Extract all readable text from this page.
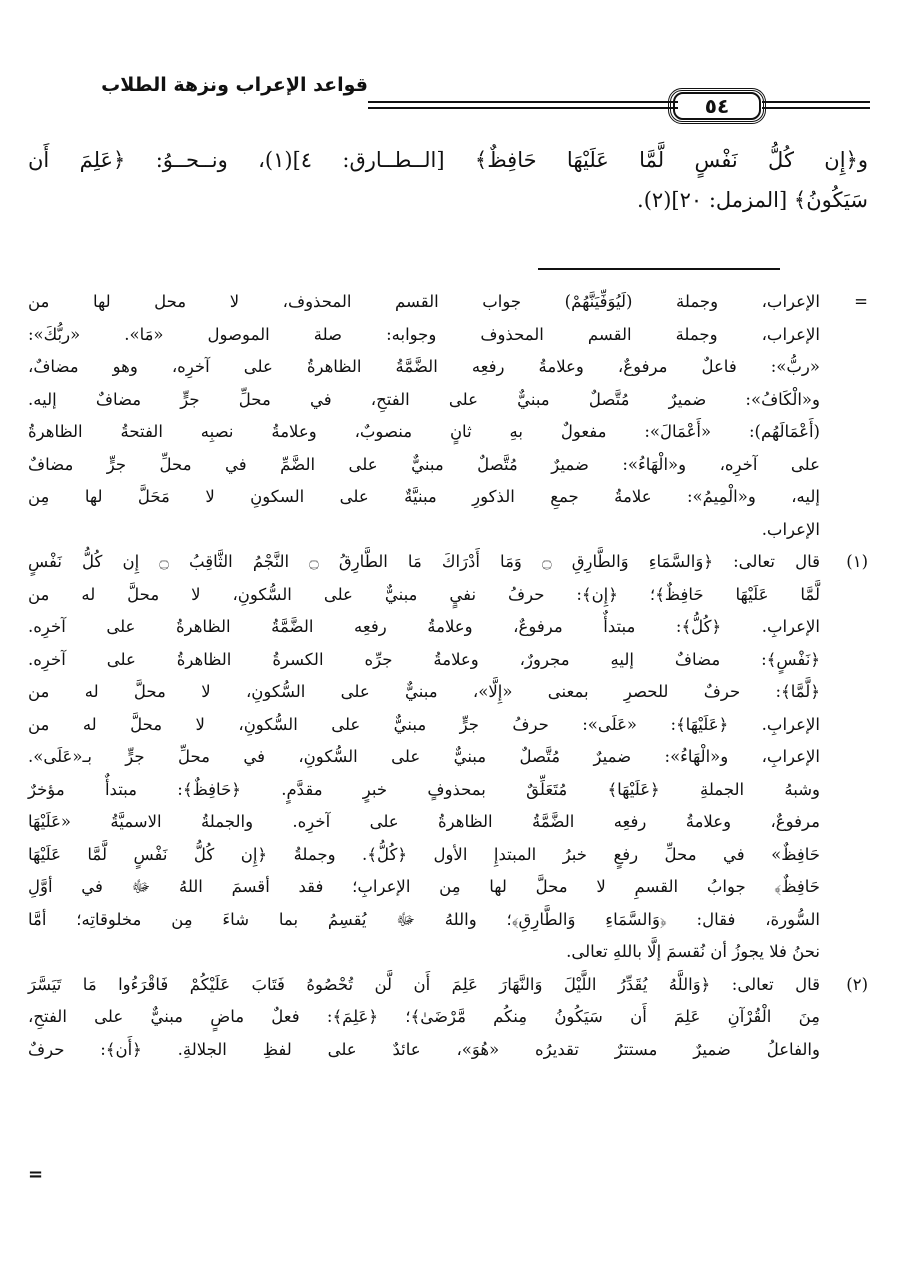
قواعد الإعراب ونزهة الطلاب
٥٤

و﴿إِن كُلُّ نَفْسٍ لَّمَّا عَلَيْهَا حَافِظٌ﴾ [الــطــارق: ٤](١)، ونــحــوُ: ﴿عَلِمَ أَن

سَيَكُونُ﴾ [المزمل: ٢٠](٢).

=
الإعراب، وجملة (لَيُوَفِّيَنَّهُمْ) جواب القسم المحذوف، لا محل لها من
الإعراب، وجملة القسم المحذوف وجوابه: صلة الموصول «مَا». «ربُّكَ»:
«ربُّ»: فاعلٌ مرفوعٌ، وعلامةُ رفعِه الضَّمَّةُ الظاهرةُ على آخرِه، وهو مضافٌ،
و«الْكَافُ»: ضميرٌ مُتَّصلٌ مبنيٌّ على الفتحِ، في محلِّ جرٍّ مضافٌ إليه.
(أَعْمَالَهُم): «أَعْمَالَ»: مفعولٌ بهِ ثانٍ منصوبٌ، وعلامةُ نصبِه الفتحةُ الظاهرةُ
على آخرِه، و«الْهَاءُ»: ضميرٌ مُتَّصلٌ مبنيٌّ على الضَّمِّ في محلِّ جرٍّ مضافٌ
إليه، و«الْمِيمُ»: علامةُ جمعِ الذكورِ مبنيَّةٌ على السكونِ لا مَحَلَّ لها مِن
الإعراب.
(١)
قال تعالى: ﴿وَالسَّمَاءِ وَالطَّارِقِ ۝ وَمَا أَدْرَاكَ مَا الطَّارِقُ ۝ النَّجْمُ الثَّاقِبُ ۝ إِن كُلُّ نَفْسٍ
لَّمَّا عَلَيْهَا حَافِظٌ﴾؛ ﴿إِن﴾: حرفُ نفيٍ مبنيٌّ على السُّكونِ، لا محلَّ له من
الإعرابِ. ﴿كُلُّ﴾: مبتدأٌ مرفوعٌ، وعلامةُ رفعِه الضَّمَّةُ الظاهرةُ على آخرِه.
﴿نَفْسٍ﴾: مضافٌ إليهِ مجرورٌ، وعلامةُ جرِّه الكسرةُ الظاهرةُ على آخرِه.
﴿لَّمَّا﴾: حرفٌ للحصرِ بمعنى «إِلَّا»، مبنيٌّ على السُّكونِ، لا محلَّ له من
الإعرابِ. ﴿عَلَيْهَا﴾: «عَلَى»: حرفُ جرٍّ مبنيٌّ على السُّكونِ، لا محلَّ له من
الإعرابِ، و«الْهَاءُ»: ضميرٌ مُتَّصلٌ مبنيٌّ على السُّكونِ، في محلِّ جرٍّ بـ«عَلَى».
وشبهُ الجملةِ ﴿عَلَيْهَا﴾ مُتَعَلِّقٌ بمحذوفٍ خبرٍ مقدَّمٍ. ﴿حَافِظٌ﴾: مبتدأٌ مؤخرٌ
مرفوعٌ، وعلامةُ رفعِه الضَّمَّةُ الظاهرةُ على آخرِه. والجملةُ الاسميَّةُ «عَلَيْهَا
حَافِظٌ» في محلِّ رفعٍ خبرُ المبتدإِ الأول ﴿كُلُّ﴾. وجملةُ ﴿إِن كُلُّ نَفْسٍ لَّمَّا عَلَيْهَا
حَافِظٌ﴾ جوابُ القسمِ لا محلَّ لها مِن الإعرابِ؛ فقد أقسمَ اللهُ ﷻ في أوَّلِ
السُّورة، فقال: ﴿وَالسَّمَاءِ وَالطَّارِقِ﴾؛ واللهُ ﷻ يُقسِمُ بما شاءَ مِن مخلوقاتِه؛ أمَّا
نحنُ فلا يجوزُ أن نُقسمَ إلَّا باللهِ تعالى.
(٢)
قال تعالى: ﴿وَاللَّهُ يُقَدِّرُ اللَّيْلَ وَالنَّهَارَ عَلِمَ أَن لَّن تُحْصُوهُ فَتَابَ عَلَيْكُمْ فَاقْرَءُوا مَا تَيَسَّرَ
مِنَ الْقُرْآنِ عَلِمَ أَن سَيَكُونُ مِنكُم مَّرْضَىٰ﴾؛ ﴿عَلِمَ﴾: فعلٌ ماضٍ مبنيٌّ على الفتحِ،
والفاعلُ ضميرٌ مستترٌ تقديرُه «هُوَ»، عائدٌ على لفظِ الجلالةِ. ﴿أَن﴾: حرفٌ
=
